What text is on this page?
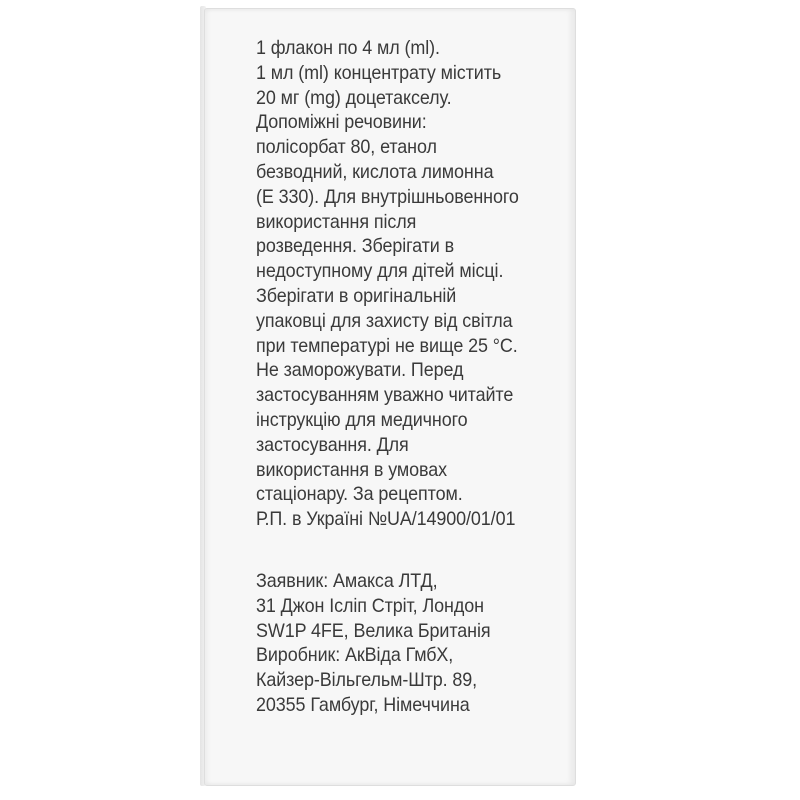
1 флакон по 4 мл (ml).
1 мл (ml) концентрату містить
20 мг (mg) доцетакселу.
Допоміжні речовини:
полісорбат 80, етанол
безводний, кислота лимонна
(Е 330). Для внутрішньовенного
використання після
розведення. Зберігати в
недоступному для дітей місці.
Зберігати в оригінальній
упаковці для захисту від світла
при температурі не вище 25 °С.
Не заморожувати. Перед
застосуванням уважно читайте
інструкцію для медичного
застосування. Для
використання в умовах
стаціонару. За рецептом.
Р.П. в Україні №UA/14900/01/01
Заявник: Амакса ЛТД,
31 Джон Ісліп Стріт, Лондон
SW1P 4FE, Велика Британія
Виробник: АкВіда ГмбХ,
Кайзер-Вільгельм-Штр. 89,
20355 Гамбург, Німеччина
